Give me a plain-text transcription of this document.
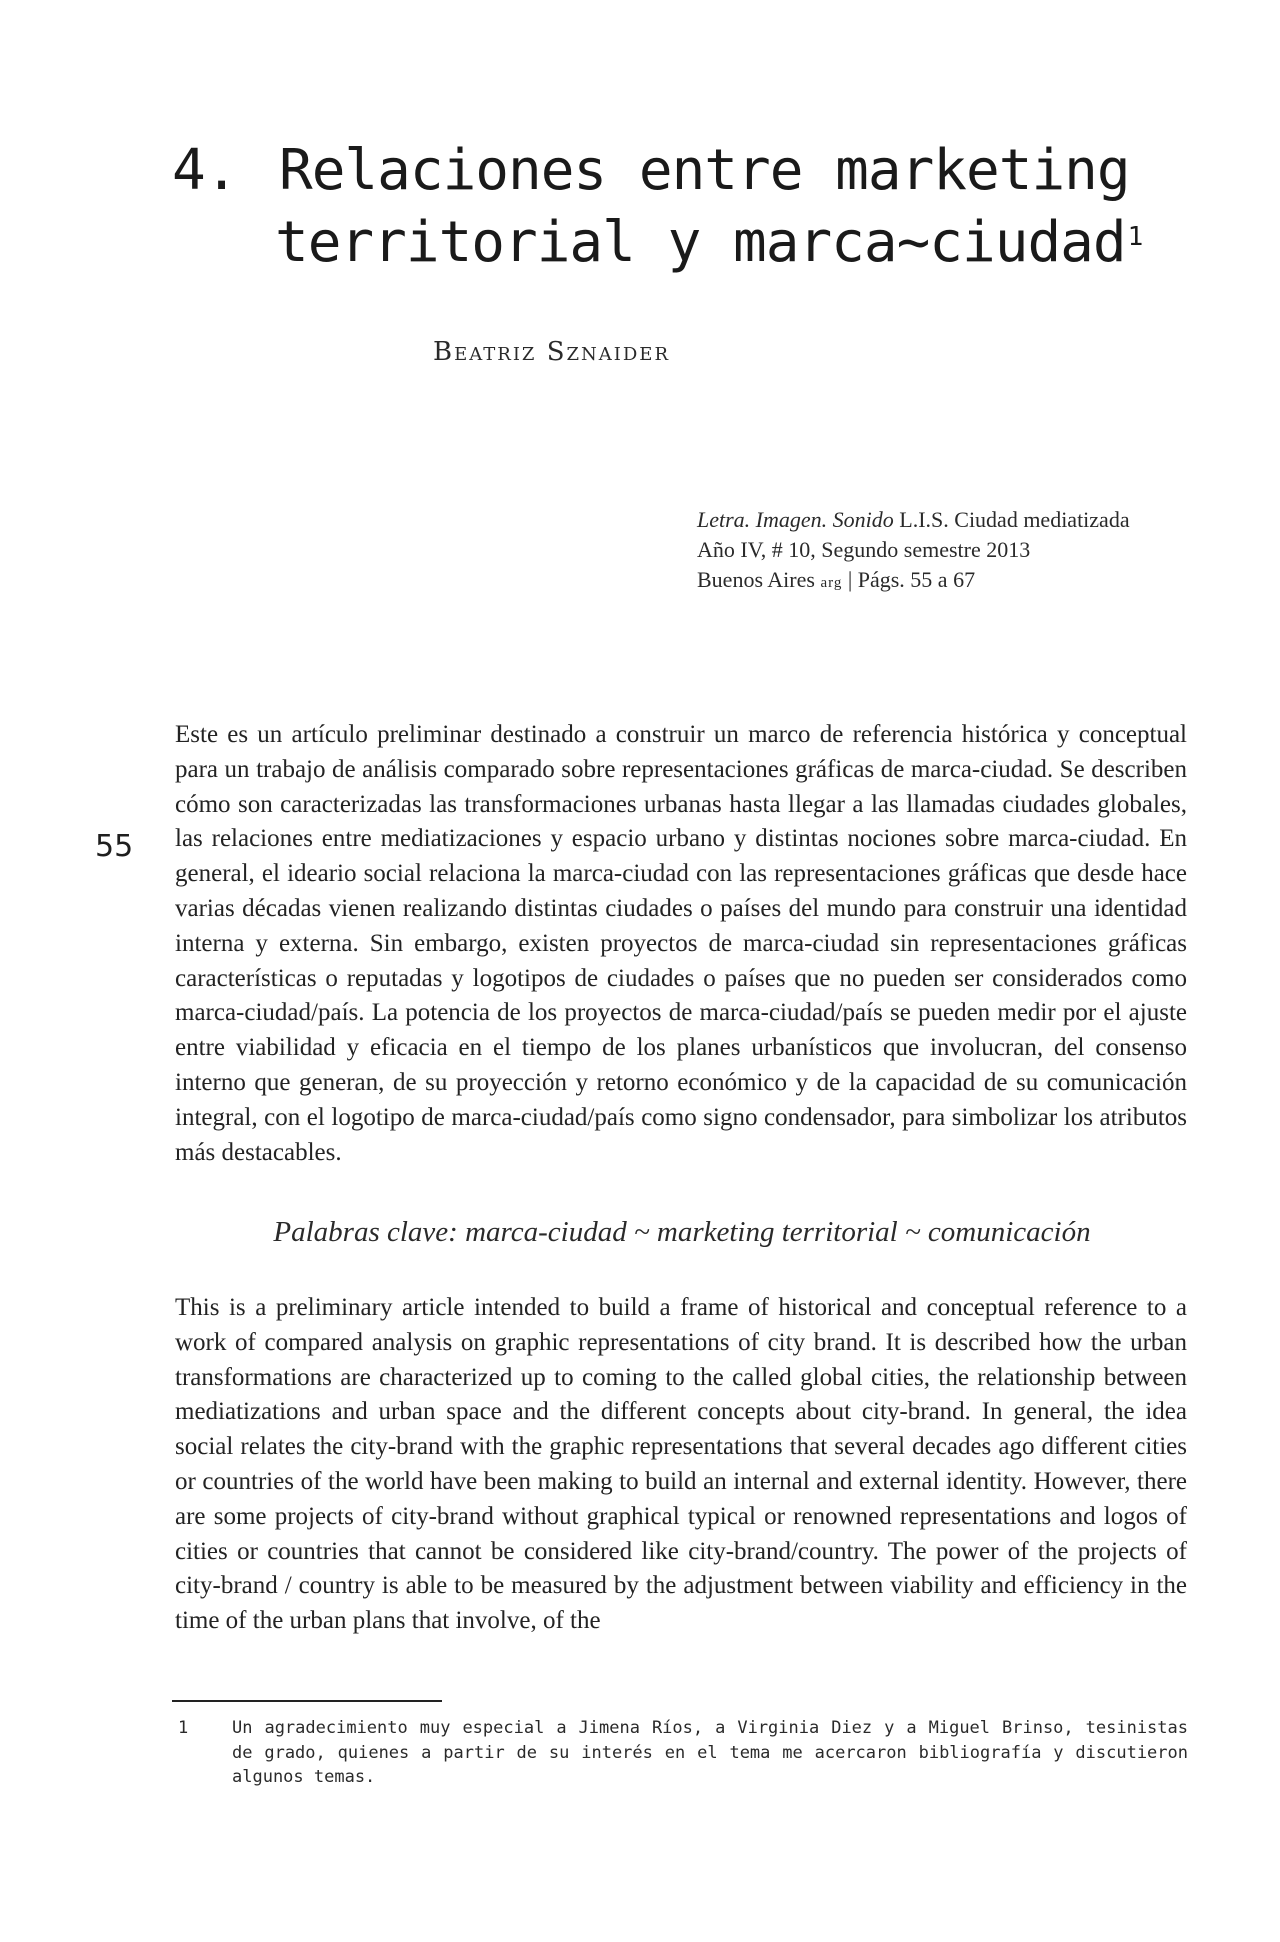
4. Relaciones entre marketing
territorial y marca~ciudad$^1$
Beatriz Sznaider
Letra. Imagen. Sonido L.I.S. Ciudad mediatizada
Año IV, # 10, Segundo semestre 2013
Buenos Aires arg | Págs. 55 a 67
55

Este es un artículo preliminar destinado a construir un marco de referencia histórica y conceptual para un trabajo de análisis comparado sobre representaciones gráficas de marca-ciudad. Se describen cómo son caracterizadas las transformaciones urbanas hasta llegar a las llamadas ciudades globales, las relaciones entre mediatizaciones y espacio urbano y distintas nociones sobre marca-ciudad. En general, el ideario social relaciona la marca-ciudad con las representaciones gráficas que desde hace varias décadas vienen realizando distintas ciudades o países del mundo para construir una identidad interna y externa. Sin embargo, existen proyectos de marca-ciudad sin representaciones gráficas características o reputadas y logotipos de ciudades o países que no pueden ser considerados como marca-ciudad/país. La potencia de los proyectos de marca-ciudad/país se pueden medir por el ajuste entre viabilidad y eficacia en el tiempo de los planes urbanísticos que involucran, del consenso interno que generan, de su proyección y retorno económico y de la capacidad de su comunicación integral, con el logotipo de marca-ciudad/país como signo condensador, para simbolizar los atributos más destacables.

Palabras clave: marca-ciudad ~ marketing territorial ~ comunicación

This is a preliminary article intended to build a frame of historical and conceptual reference to a work of compared analysis on graphic representations of city brand. It is described how the urban transformations are characterized up to coming to the called global cities, the relationship between mediatizations and urban space and the different concepts about city-brand. In general, the idea social relates the city-brand with the graphic representations that several decades ago different cities or countries of the world have been making to build an internal and external identity. However, there are some projects of city-brand without graphical typical or renowned representations and logos of cities or countries that cannot be considered like city-brand/country. The power of the projects of city-brand / country is able to be measured by the adjustment between viability and efficiency in the time of the urban plans that involve, of the

1	Un agradecimiento muy especial a Jimena Ríos, a Virginia Diez y a Miguel Brinso, tesinistas de grado, quienes a partir de su interés en el tema me acercaron bibliografía y discutieron algunos temas.
